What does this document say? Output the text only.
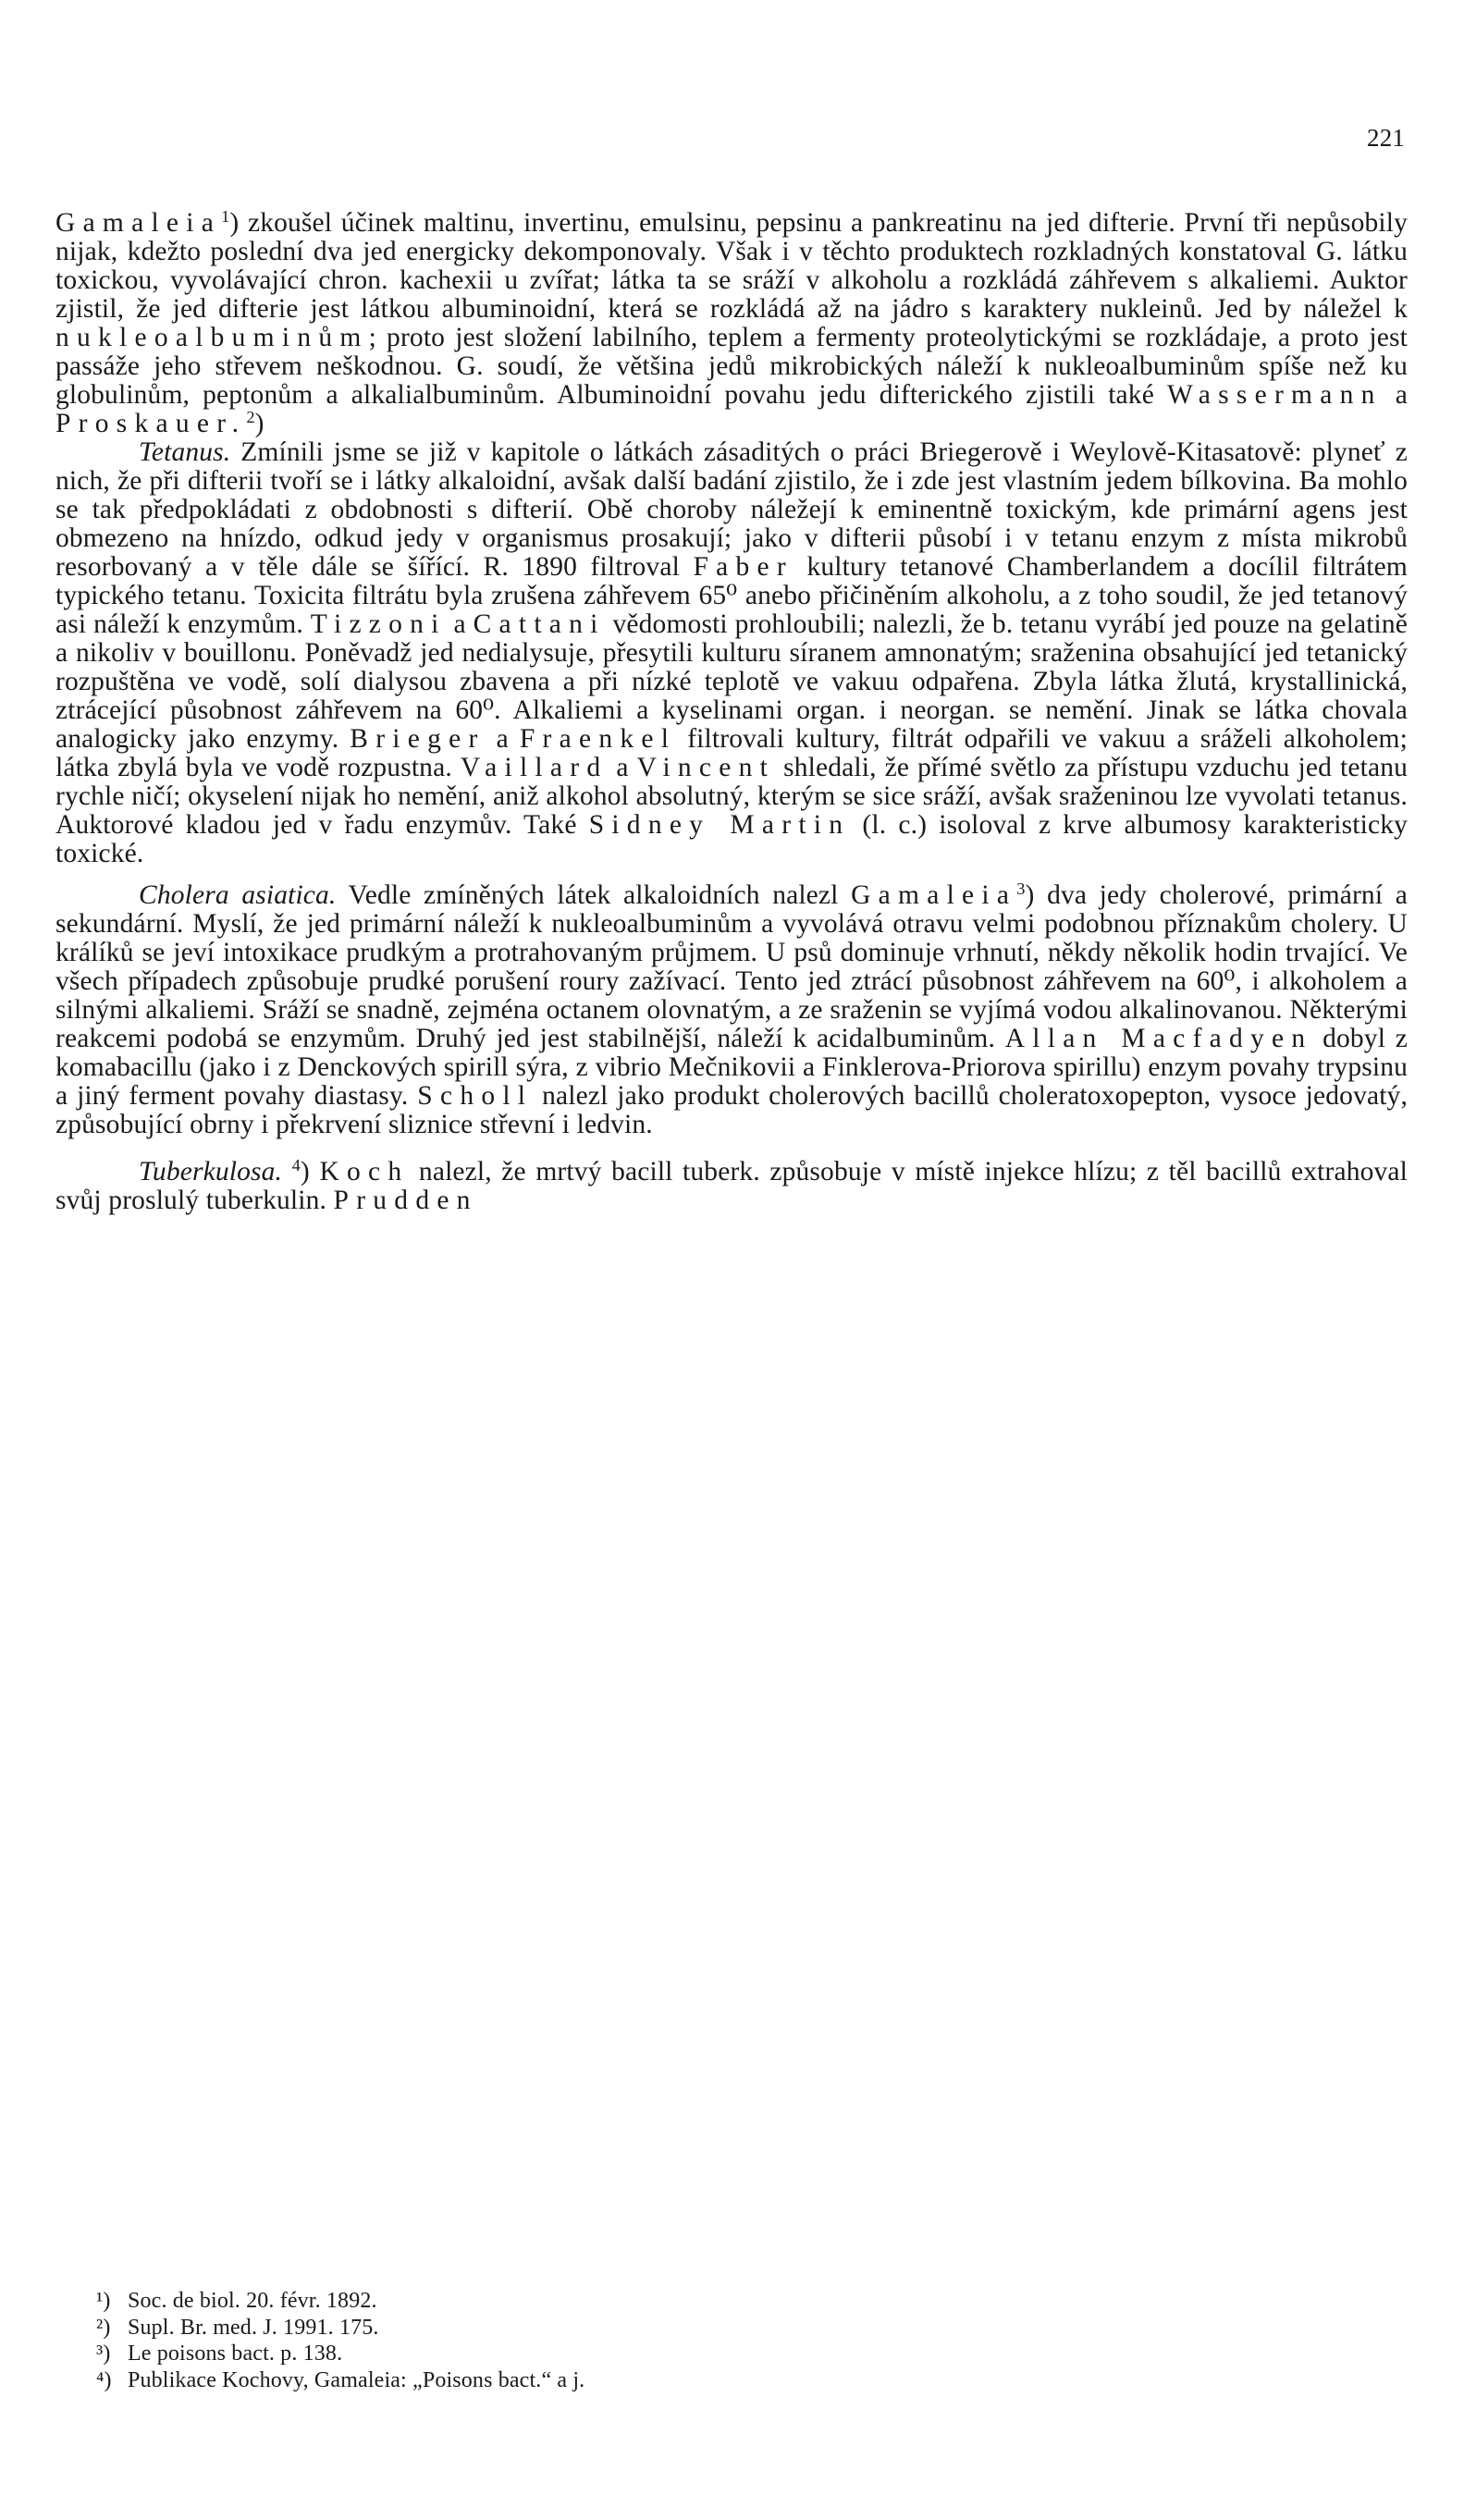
221

Gamaleia$^1$) zkoušel účinek maltinu, invertinu, emulsinu, pepsinu a pankreatinu na jed difterie. První tři nepůsobily nijak, kdežto poslední dva jed energicky dekomponovaly. Však i v těchto produktech rozkladných konstatoval G. látku toxickou, vyvolávající chron. kachexii u zvířat; látka ta se sráží v alkoholu a rozkládá záhřevem s alkaliemi. Auktor zjistil, že jed difterie jest látkou albuminoidní, která se rozkládá až na jádro s karaktery nukleinů. Jed by náležel k nukleoalbuminům; proto jest složení labilního, teplem a fermenty proteolytickými se rozkládaje, a proto jest passáže jeho střevem neškodnou. G. soudí, že většina jedů mikrobických náleží k nukleoalbuminům spíše než ku globulinům, peptonům a alkalialbuminům. Albuminoidní povahu jedu difterického zjistili také Wassermann a Proskauer.$^2$)

Tetanus. Zmínili jsme se již v kapitole o látkách zásaditých o práci Briegerově i Weylově-Kitasatově: plyneť z nich, že při difterii tvoří se i látky alkaloidní, avšak další badání zjistilo, že i zde jest vlastním jedem bílkovina. Ba mohlo se tak předpokládati z obdobnosti s difterií. Obě choroby náležejí k eminentně toxickým, kde primární agens jest obmezeno na hnízdo, odkud jedy v organismus prosakují; jako v difterii působí i v tetanu enzym z místa mikrobů resorbovaný a v těle dále se šířící. R. 1890 filtroval Faber kultury tetanové Chamberlandem a docílil filtrátem typického tetanu. Toxicita filtrátu byla zrušena záhřevem 65⁰ anebo přičiněním alkoholu, a z toho soudil, že jed tetanový asi náleží k enzymům. Tizzoni a Cattani vědomosti prohloubili; nalezli, že b. tetanu vyrábí jed pouze na gelatině a nikoliv v bouillonu. Poněvadž jed nedialysuje, přesytili kulturu síranem amnonatým; sraženina obsahující jed tetanický rozpuštěna ve vodě, solí dialysou zbavena a při nízké teplotě ve vakuu odpařena. Zbyla látka žlutá, krystallinická, ztrácející působnost záhřevem na 60⁰. Alkaliemi a kyselinami organ. i neorgan. se nemění. Jinak se látka chovala analogicky jako enzymy. Brieger a Fraenkel filtrovali kultury, filtrát odpařili ve vakuu a sráželi alkoholem; látka zbylá byla ve vodě rozpustna. Vaillard a Vincent shledali, že přímé světlo za přístupu vzduchu jed tetanu rychle ničí; okyselení nijak ho nemění, aniž alkohol absolutný, kterým se sice sráží, avšak sraženinou lze vyvolati tetanus. Auktorové kladou jed v řadu enzymův. Také Sidney Martin (l. c.) isoloval z krve albumosy karakteristicky toxické.

Cholera asiatica. Vedle zmíněných látek alkaloidních nalezl Gamaleia$^3$) dva jedy cholerové, primární a sekundární. Myslí, že jed primární náleží k nukleoalbuminům a vyvolává otravu velmi podobnou příznakům cholery. U králíků se jeví intoxikace prudkým a protrahovaným průjmem. U psů dominuje vrhnutí, někdy několik hodin trvající. Ve všech případech způsobuje prudké porušení roury zažívací. Tento jed ztrácí působnost záhřevem na 60⁰, i alkoholem a silnými alkaliemi. Sráží se snadně, zejména octanem olovnatým, a ze sraženin se vyjímá vodou alkalinovanou. Některými reakcemi podobá se enzymům. Druhý jed jest stabilnější, náleží k acidalbuminům. Allan Macfadyen dobyl z komabacillu (jako i z Denckových spirill sýra, z vibrio Mečnikovii a Finklerova-Priorova spirillu) enzym povahy trypsinu a jiný ferment povahy diastasy. Scholl nalezl jako produkt cholerových bacillů choleratoxopepton, vysoce jedovatý, způsobující obrny i překrvení sliznice střevní i ledvin.

Tuberkulosa. $^4$) Koch nalezl, že mrtvý bacill tuberk. způsobuje v místě injekce hlízu; z těl bacillů extrahoval svůj proslulý tuberkulin. Prudden

¹) Soc. de biol. 20. févr. 1892.

²) Supl. Br. med. J. 1991. 175.

³) Le poisons bact. p. 138.

⁴) Publikace Kochovy, Gamaleia: „Poisons bact.“ a j.
